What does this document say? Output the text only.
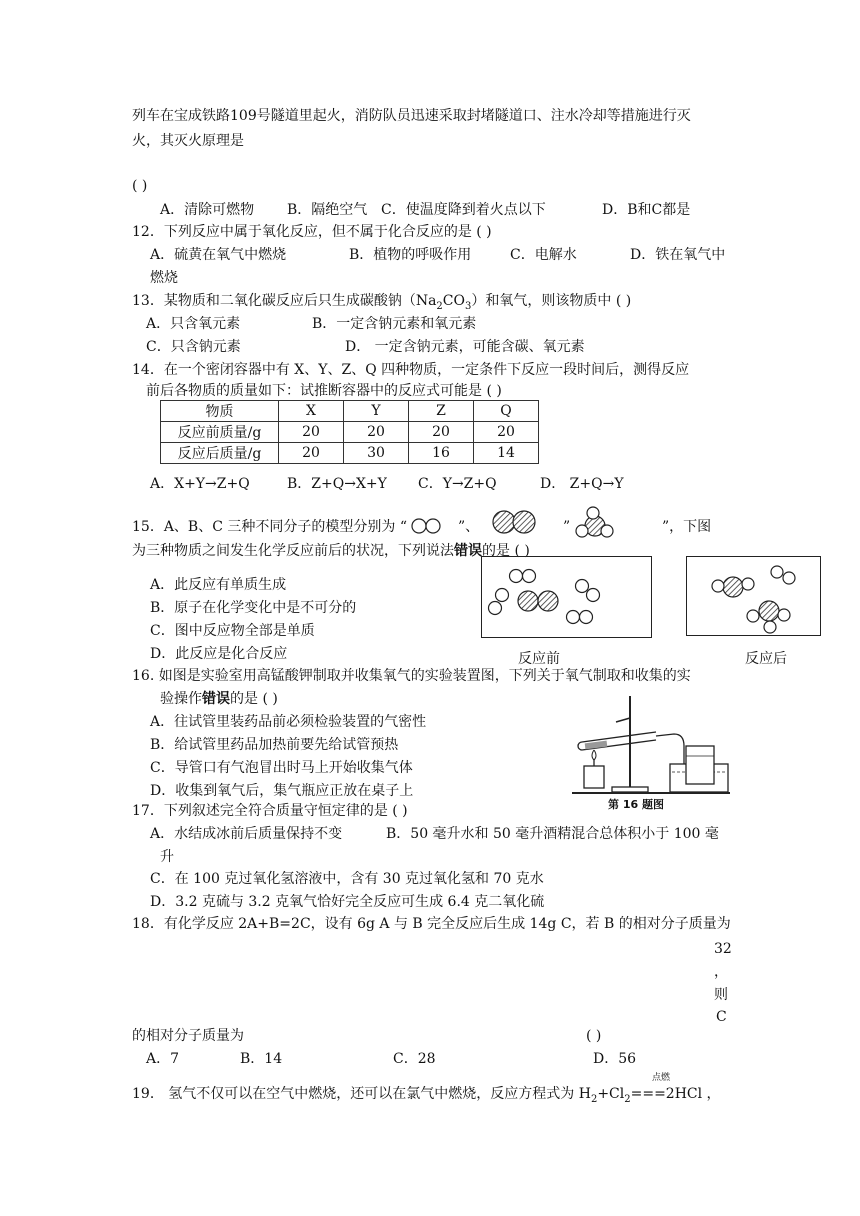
列车在宝成铁路109号隧道里起火，消防队员迅速采取封堵隧道口、注水冷却等措施进行灭
火，其灭火原理是
( )
A．清除可燃物 B．隔绝空气 C．使温度降到着火点以下	D．B和C都是
12．下列反应中属于氧化反应，但不属于化合反应的是 ( )
A．硫黄在氧气中燃烧	B．植物的呼吸作用	C．电解水	D．铁在氧气中
燃烧
13．某物质和二氧化碳反应后只生成碳酸钠$(Na_2CO_3)$和氧气，则该物质中 ( )
A．只含氧元素	B．一定含钠元素和氧元素
C．只含钠元素	D． 一定含钠元素，可能含碳、氧元素
14．在一个密闭容器中有 X、Y、Z、Q 四种物质，一定条件下反应一段时间后，测得反应
前后各物质的质量如下：试推断容器中的反应式可能是 ( )
物质	X	Y	Z	Q
反应前质量/g	20	20	20	20
反应后质量/g	20	30	16	14
A．X+Y→Z+Q	B．Z+Q→X+Y C．Y→Z+Q	D． Z+Q→Y
15．A、B、C 三种不同分子的模型分别为 “	”、	”	”，下图
为三种物质之间发生化学反应前后的状况，下列说法错误的是 ( )
A．此反应有单质生成
B．原子在化学变化中是不可分的
C．图中反应物全部是单质
D．此反应是化合反应	反应前	反应后
16. 如图是实验室用高锰酸钾制取并收集氧气的实验装置图，下列关于氧气制取和收集的实
验操作错误的是 ( )
A．往试管里装药品前必须检验装置的气密性
B．给试管里药品加热前要先给试管预热
C．导管口有气泡冒出时马上开始收集气体
D．收集到氧气后，集气瓶应正放在桌子上
第 16 题图
17．下列叙述完全符合质量守恒定律的是 ( )
A．水结成冰前后质量保持不变	B．50 毫升水和 50 毫升酒精混合总体积小于 100 毫
升
C．在 100 克过氧化氢溶液中，含有 30 克过氧化氢和 70 克水
D．3.2 克硫与 3.2 克氧气恰好完全反应可生成 6.4 克二氧化硫
18．有化学反应 2A+B=2C，设有 6g A 与 B 完全反应后生成 14g C，若 B 的相对分子质量为
32
，
则
C
的相对分子质量为	( )
A．7	B．14	C．28	D．56
点燃
19． 氢气不仅可以在空气中燃烧，还可以在氯气中燃烧，反应方程式为 $H_2+Cl_2===2HCl$ ，
